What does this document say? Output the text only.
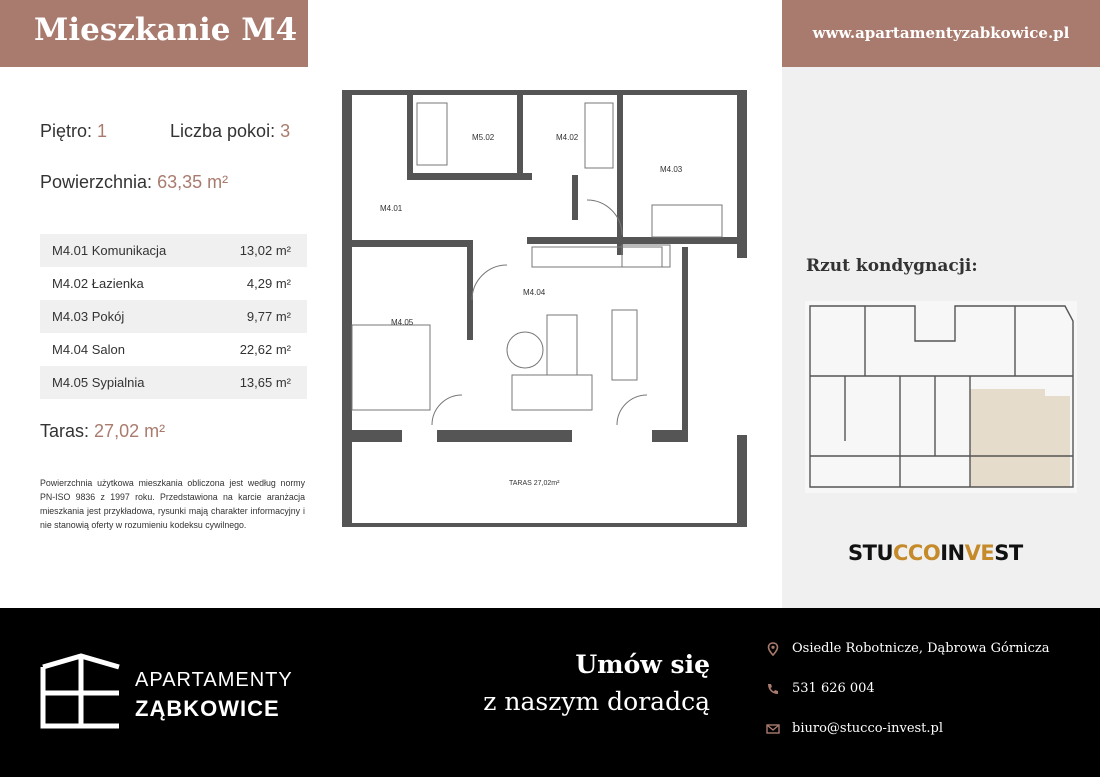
Mieszkanie M4	www.apartamentyzabkowice.pl
Piętro: 1	Liczba pokoi: 3
Powierzchnia: 63,35 m²
M4.01 Komunikacja	13,02 m²
M4.02 Łazienka	4,29 m²
M4.03 Pokój	9,77 m²
M4.04 Salon	22,62 m²
M4.05 Sypialnia	13,65 m²
Taras: 27,02 m²
Powierzchnia użytkowa mieszkania obliczona jest według normy PN-ISO 9836 z 1997 roku. Przedstawiona na karcie aranżacja mieszkania jest przykładowa, rysunki mają charakter informacyjny i nie stanowią oferty w rozumieniu kodeksu cywilnego.
M5.02	M4.02
M4.03
M4.01
M4.04
M4.05
TARAS 27,02m²
Rzut kondygnacji:
STUCCOINVEST
APARTAMENTY
ZĄBKOWICE
Umów się
z naszym doradcą
Osiedle Robotnicze, Dąbrowa Górnicza
531 626 004
biuro@stucco-invest.pl
